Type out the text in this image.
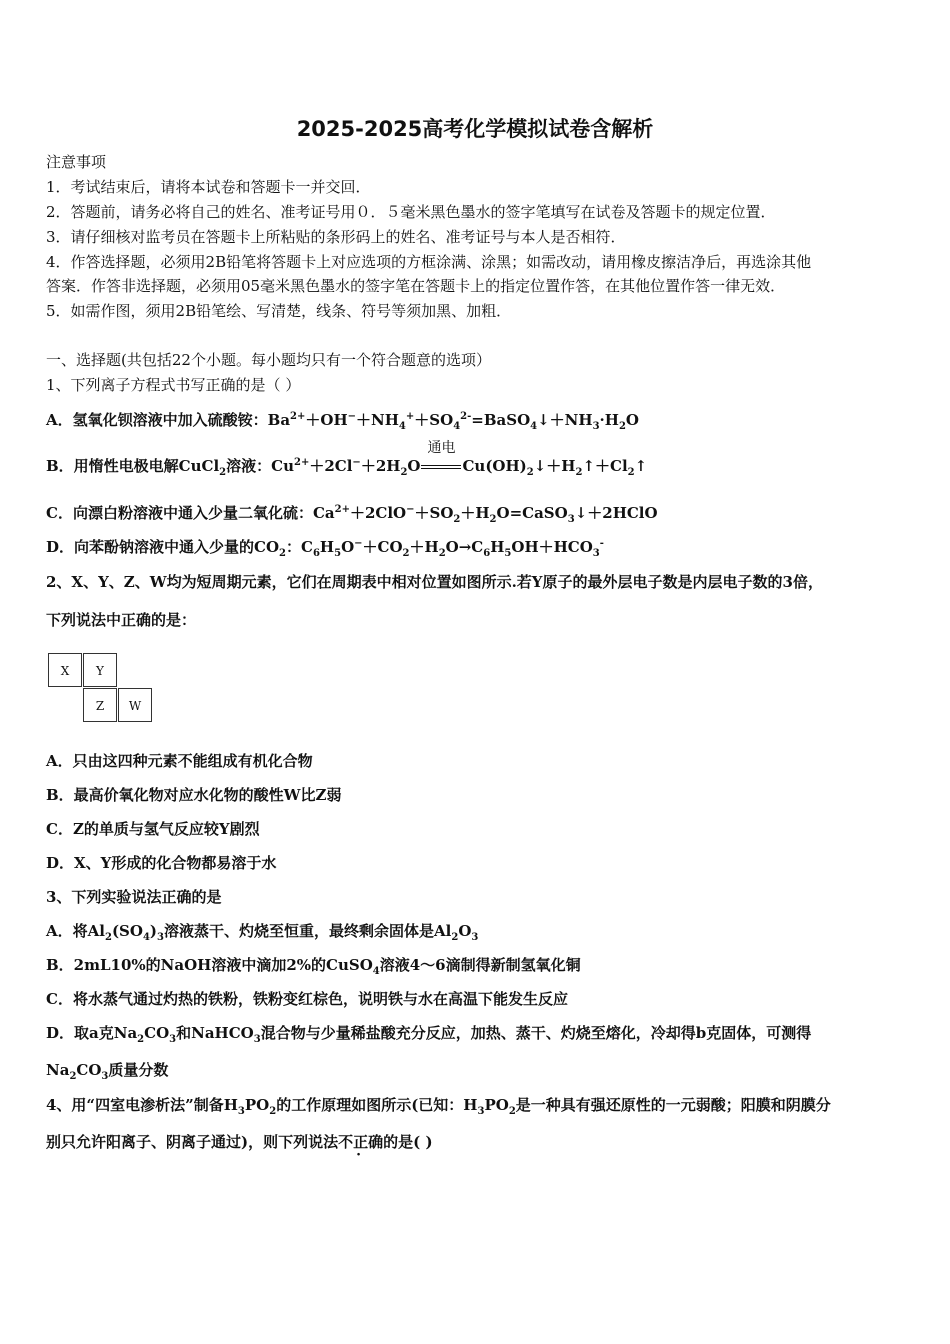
2025-2025高考化学模拟试卷含解析
注意事项
1．考试结束后，请将本试卷和答题卡一并交回．
2．答题前，请务必将自己的姓名、准考证号用０．５毫米黑色墨水的签字笔填写在试卷及答题卡的规定位置．
3．请仔细核对监考员在答题卡上所粘贴的条形码上的姓名、准考证号与本人是否相符．
4．作答选择题，必须用2B铅笔将答题卡上对应选项的方框涂满、涂黑；如需改动，请用橡皮擦洁净后，再选涂其他
答案．作答非选择题，必须用05毫米黑色墨水的签字笔在答题卡上的指定位置作答，在其他位置作答一律无效．
5．如需作图，须用2B铅笔绘、写清楚，线条、符号等须加黑、加粗．
一、选择题(共包括22个小题。每小题均只有一个符合题意的选项）
1、下列离子方程式书写正确的是（ ）
A．氢氧化钡溶液中加入硫酸铵：$Ba^{2+}+OH^-+NH_4^++SO_4^{2-}=BaSO_4↓+NH_3\cdot H_2O$
B．用惰性电极电解CuCl$_2$溶液：$Cu^{2+}+2Cl^-+2H_2O$
通电
$Cu(OH)_2↓+H_2↑+Cl_2↑$
C．向漂白粉溶液中通入少量二氧化硫：$Ca^{2+}+2ClO^-+SO_2+H_2O=CaSO_3↓+2HClO$
D．向苯酚钠溶液中通入少量的$CO_2$：$C_6H_5O^-+CO_2+H_2O\to C_6H_5OH+HCO_3^-$
2、X、Y、Z、W均为短周期元素，它们在周期表中相对位置如图所示.若Y原子的最外层电子数是内层电子数的3倍，
下列说法中正确的是：
X	Y
Z	W
A．只由这四种元素不能组成有机化合物
B．最高价氧化物对应水化物的酸性W比Z弱
C．Z的单质与氢气反应较Y剧烈
D．X、Y形成的化合物都易溶于水
3、下列实验说法正确的是
A．将$Al_2(SO_4)_3$溶液蒸干、灼烧至恒重，最终剩余固体是$Al_2O_3$
B．2mL10%的NaOH溶液中滴加2%的CuSO$_4$溶液4～6滴制得新制氢氧化铜
C．将水蒸气通过灼热的铁粉，铁粉变红棕色，说明铁与水在高温下能发生反应
D．取a克$Na_2CO_3$和NaHCO$_3$混合物与少量稀盐酸充分反应，加热、蒸干、灼烧至熔化，冷却得b克固体，可测得
$Na_2CO_3$质量分数
4、用“四室电渗析法”制备$H_3PO_2$的工作原理如图所示(已知：$H_3PO_2$是一种具有强还原性的一元弱酸；阳膜和阴膜分
别只允许阳离子、阴离子通过)，则下列说法不正确的是( )
